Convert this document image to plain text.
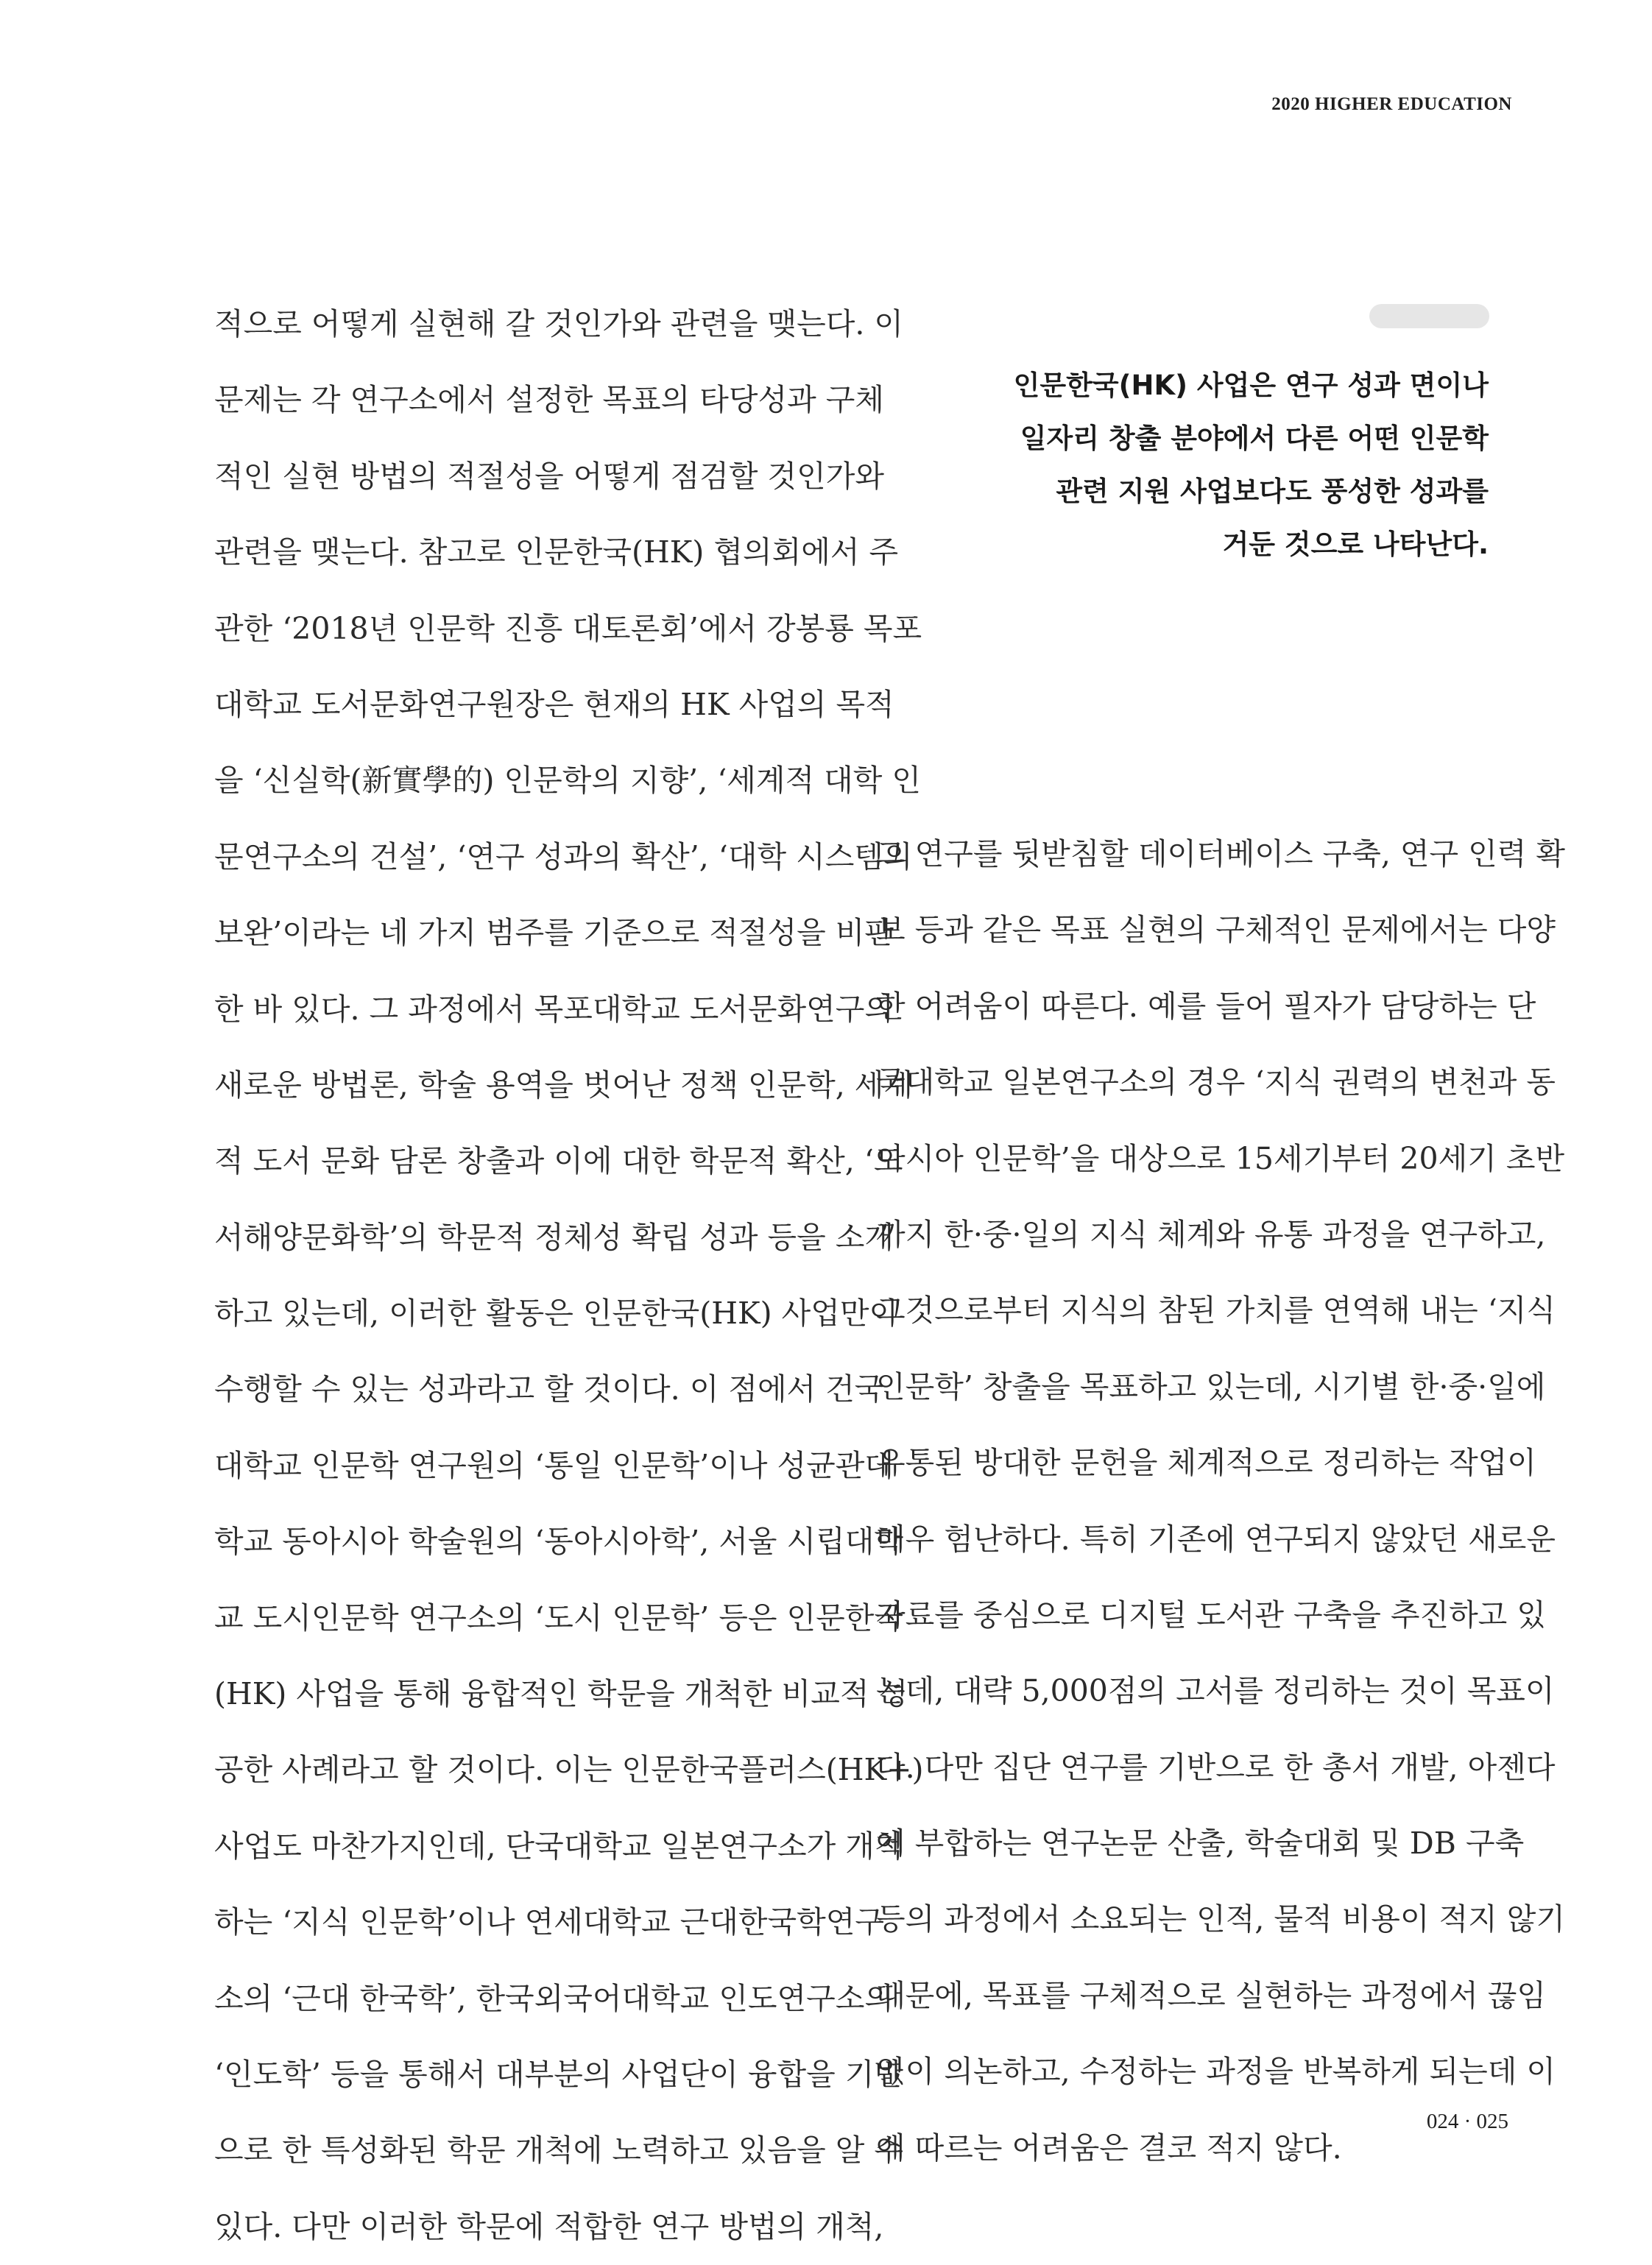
2020 HIGHER EDUCATION
인문한국(HK) 사업은 연구 성과 면이나
일자리 창출 분야에서 다른 어떤 인문학
관련 지원 사업보다도 풍성한 성과를
거둔 것으로 나타난다.
적으로 어떻게 실현해 갈 것인가와 관련을 맺는다. 이
문제는 각 연구소에서 설정한 목표의 타당성과 구체
적인 실현 방법의 적절성을 어떻게 점검할 것인가와
관련을 맺는다. 참고로 인문한국(HK) 협의회에서 주
관한 ‘2018년 인문학 진흥 대토론회’에서 강봉룡 목포
대학교 도서문화연구원장은 현재의 HK 사업의 목적
을 ‘신실학(新實學的) 인문학의 지향’, ‘세계적 대학 인
문연구소의 건설’, ‘연구 성과의 확산’, ‘대학 시스템의
보완’이라는 네 가지 범주를 기준으로 적절성을 비판
한 바 있다. 그 과정에서 목포대학교 도서문화연구의
새로운 방법론, 학술 용역을 벗어난 정책 인문학, 세계
적 도서 문화 담론 창출과 이에 대한 학문적 확산, ‘도
서해양문화학’의 학문적 정체성 확립 성과 등을 소개
하고 있는데, 이러한 활동은 인문한국(HK) 사업만이
수행할 수 있는 성과라고 할 것이다. 이 점에서 건국
대학교 인문학 연구원의 ‘통일 인문학’이나 성균관대
학교 동아시아 학술원의 ‘동아시아학’, 서울 시립대학
교 도시인문학 연구소의 ‘도시 인문학’ 등은 인문한국
(HK) 사업을 통해 융합적인 학문을 개척한 비교적 성
공한 사례라고 할 것이다. 이는 인문한국플러스(HK+)
사업도 마찬가지인데, 단국대학교 일본연구소가 개척
하는 ‘지식 인문학’이나 연세대학교 근대한국학연구
소의 ‘근대 한국학’, 한국외국어대학교 인도연구소의
‘인도학’ 등을 통해서 대부분의 사업단이 융합을 기반
으로 한 특성화된 학문 개척에 노력하고 있음을 알 수
있다. 다만 이러한 학문에 적합한 연구 방법의 개척,
그 연구를 뒷받침할 데이터베이스 구축, 연구 인력 확
보 등과 같은 목표 실현의 구체적인 문제에서는 다양
한 어려움이 따른다. 예를 들어 필자가 담당하는 단
국대학교 일본연구소의 경우 ‘지식 권력의 변천과 동
아시아 인문학’을 대상으로 15세기부터 20세기 초반
까지 한·중·일의 지식 체계와 유통 과정을 연구하고,
그것으로부터 지식의 참된 가치를 연역해 내는 ‘지식
인문학’ 창출을 목표하고 있는데, 시기별 한·중·일에
유통된 방대한 문헌을 체계적으로 정리하는 작업이
매우 험난하다. 특히 기존에 연구되지 않았던 새로운
자료를 중심으로 디지털 도서관 구축을 추진하고 있
는데, 대략 5,000점의 고서를 정리하는 것이 목표이
다. 다만 집단 연구를 기반으로 한 총서 개발, 아젠다
에 부합하는 연구논문 산출, 학술대회 및 DB 구축
등의 과정에서 소요되는 인적, 물적 비용이 적지 않기
때문에, 목표를 구체적으로 실현하는 과정에서 끊임
없이 의논하고, 수정하는 과정을 반복하게 되는데 이
에 따르는 어려움은 결코 적지 않다.
024 · 025
